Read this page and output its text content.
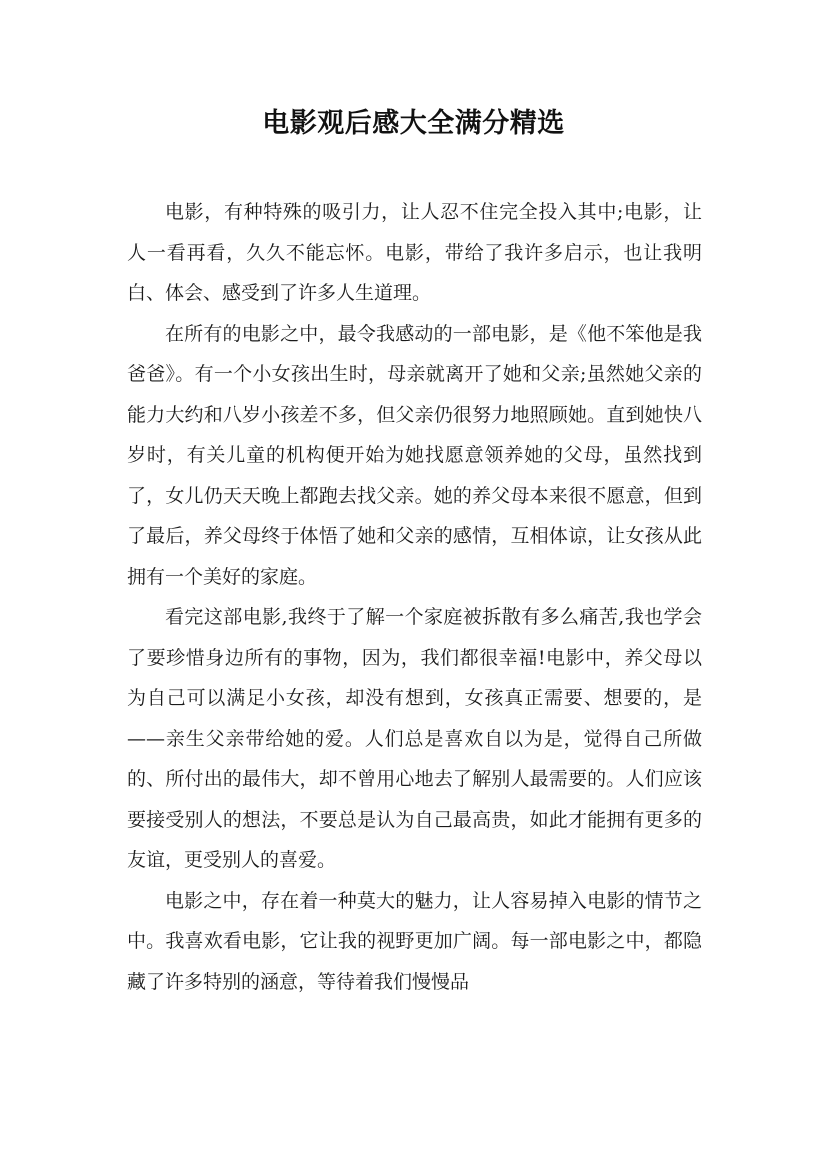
电影观后感大全满分精选

电影，有种特殊的吸引力，让人忍不住完全投入其中;电影，让人一看再看，久久不能忘怀。电影，带给了我许多启示，也让我明白、体会、感受到了许多人生道理。

在所有的电影之中，最令我感动的一部电影，是《他不笨他是我爸爸》。有一个小女孩出生时，母亲就离开了她和父亲;虽然她父亲的能力大约和八岁小孩差不多，但父亲仍很努力地照顾她。直到她快八岁时，有关儿童的机构便开始为她找愿意领养她的父母，虽然找到了，女儿仍天天晚上都跑去找父亲。她的养父母本来很不愿意，但到了最后，养父母终于体悟了她和父亲的感情，互相体谅，让女孩从此拥有一个美好的家庭。

看完这部电影,我终于了解一个家庭被拆散有多么痛苦,我也学会了要珍惜身边所有的事物，因为，我们都很幸福!电影中，养父母以为自己可以满足小女孩，却没有想到，女孩真正需要、想要的，是——亲生父亲带给她的爱。人们总是喜欢自以为是，觉得自己所做的、所付出的最伟大，却不曾用心地去了解别人最需要的。人们应该要接受别人的想法，不要总是认为自己最高贵，如此才能拥有更多的友谊，更受别人的喜爱。

电影之中，存在着一种莫大的魅力，让人容易掉入电影的情节之中。我喜欢看电影，它让我的视野更加广阔。每一部电影之中，都隐藏了许多特别的涵意，等待着我们慢慢品
